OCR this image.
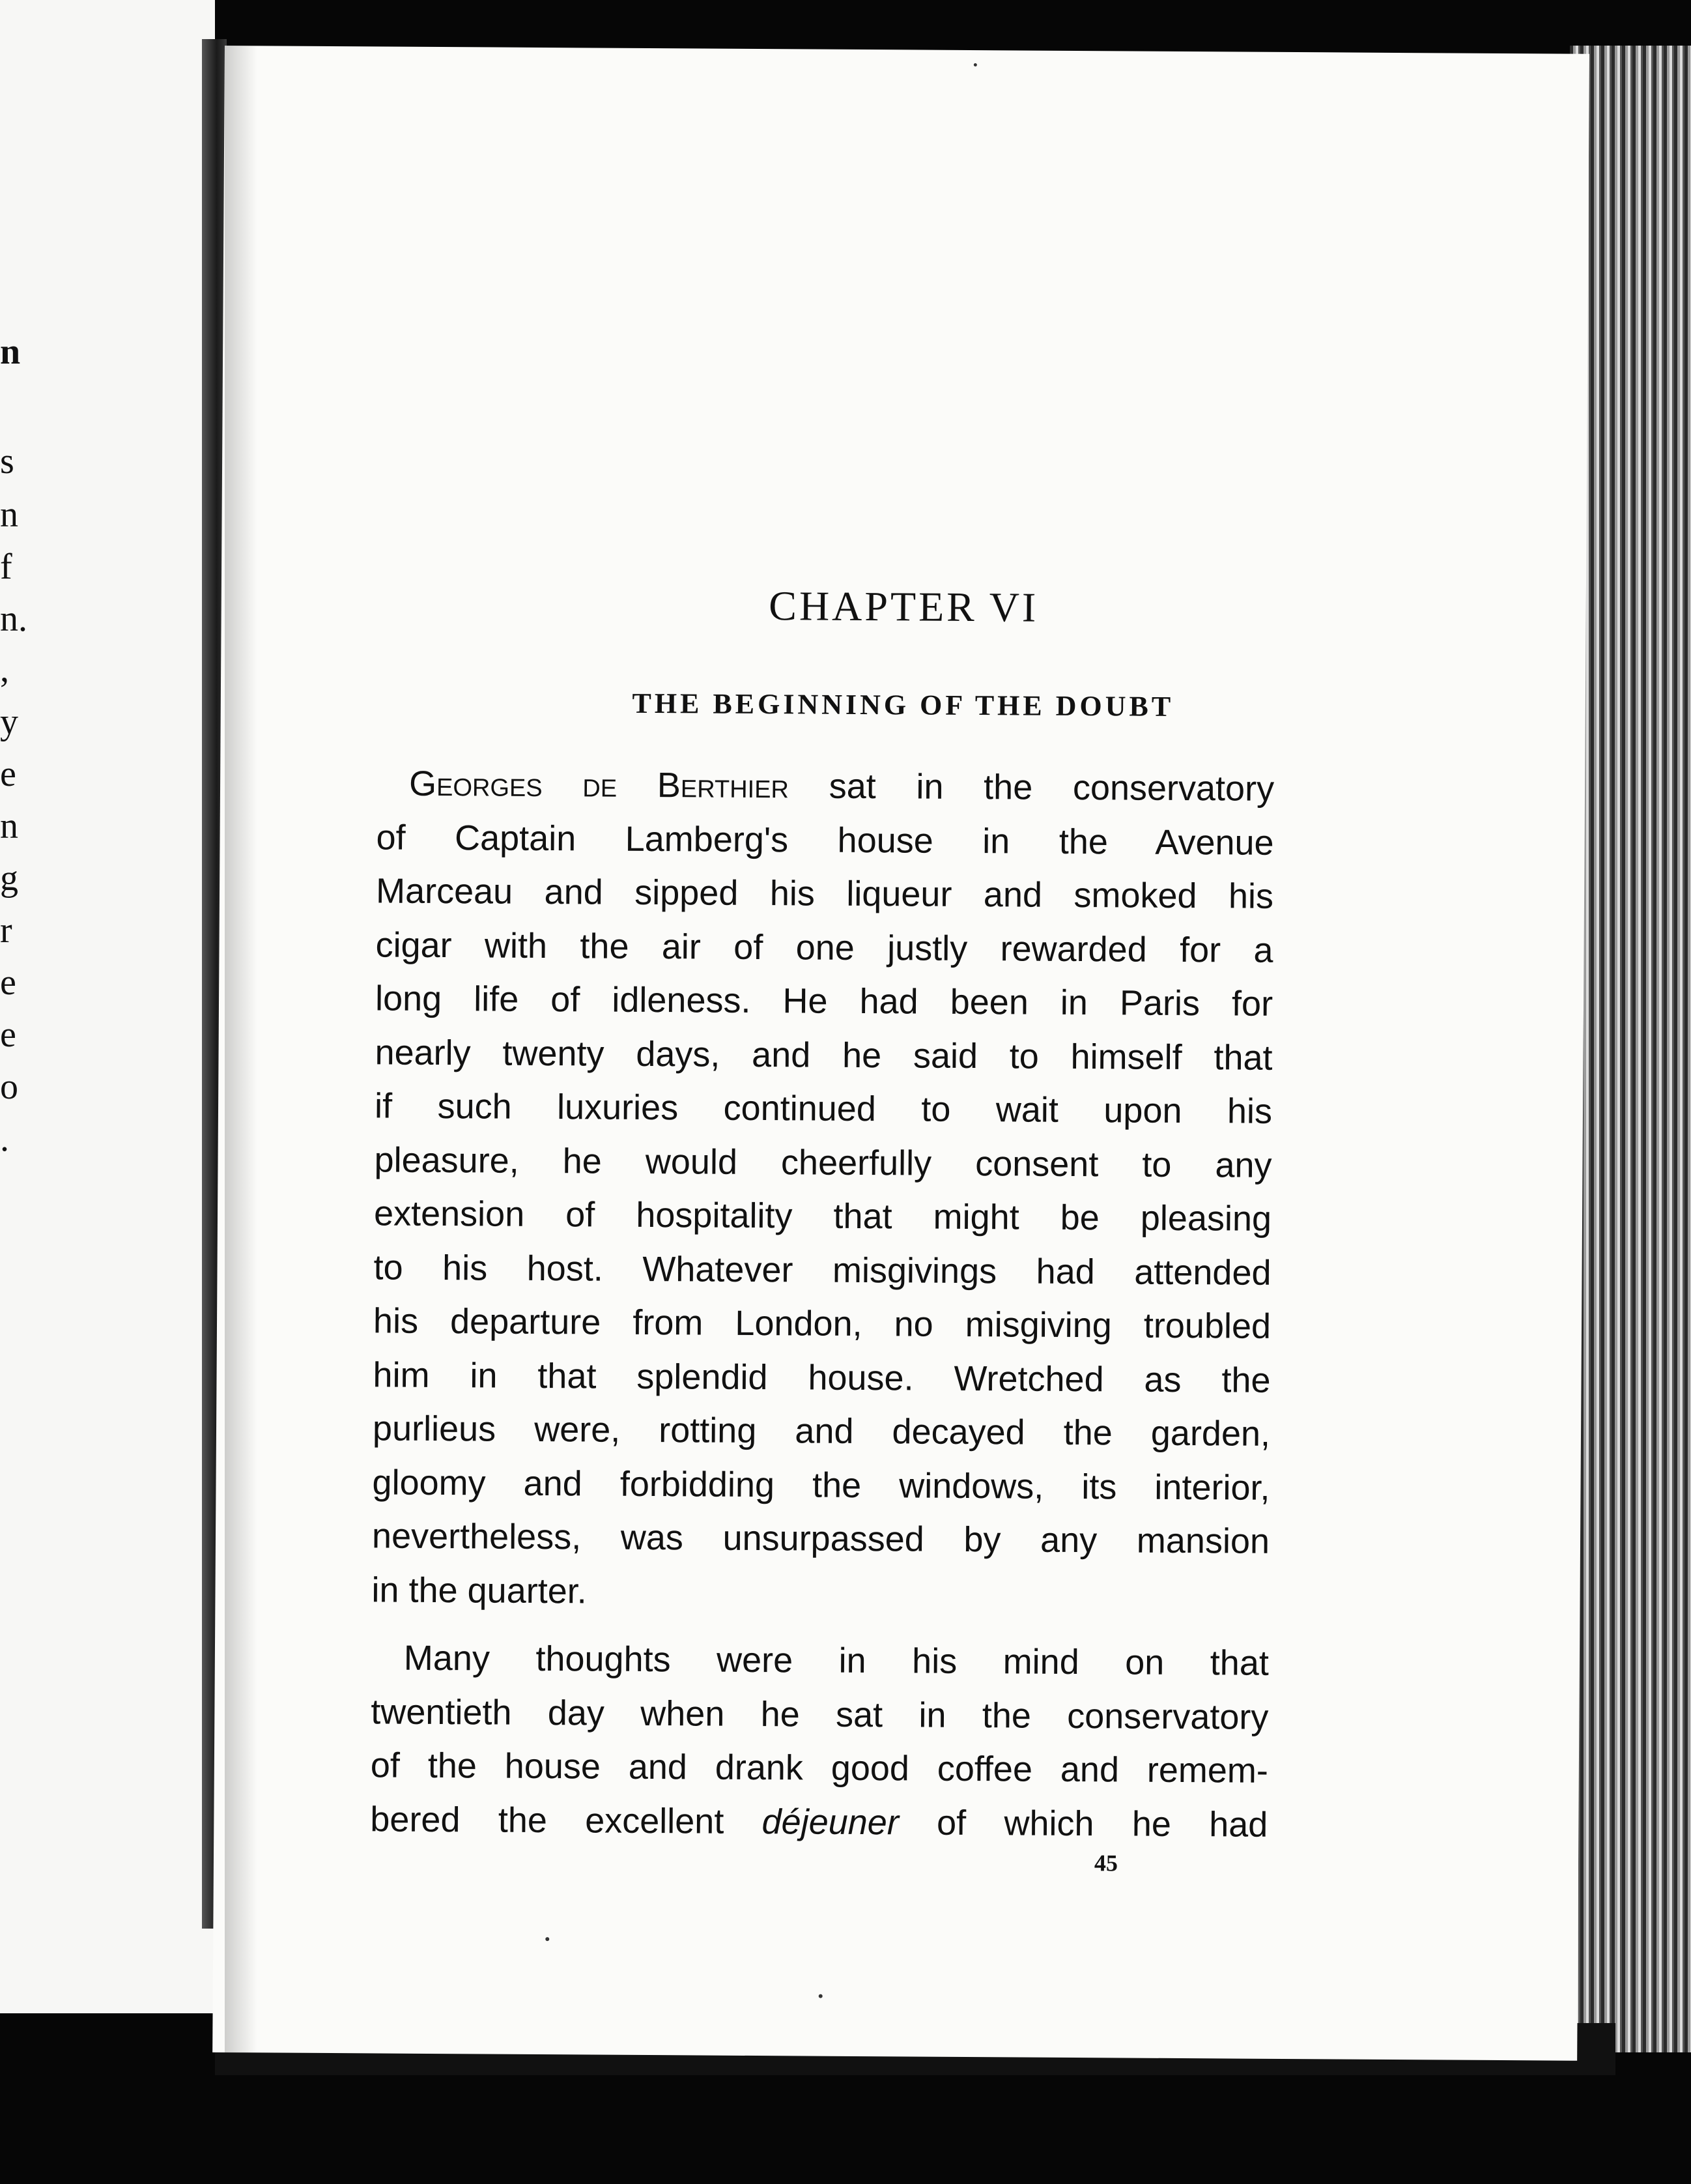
n
s
n
f
n.
,
y
e
n
g
r
e
e
o
.
CHAPTER VI
THE BEGINNING OF THE DOUBT
Georges de Berthier sat in the conservatory
of Captain Lamberg's house in the Avenue
Marceau and sipped his liqueur and smoked his
cigar with the air of one justly rewarded for a
long life of idleness. He had been in Paris for
nearly twenty days, and he said to himself that
if such luxuries continued to wait upon his
pleasure, he would cheerfully consent to any
extension of hospitality that might be pleasing
to his host. Whatever misgivings had attended
his departure from London, no misgiving troubled
him in that splendid house. Wretched as the
purlieus were, rotting and decayed the garden,
gloomy and forbidding the windows, its interior,
nevertheless, was unsurpassed by any mansion
in the quarter.
Many thoughts were in his mind on that
twentieth day when he sat in the conservatory
of the house and drank good coffee and remem-
bered the excellent déjeuner of which he had
45
